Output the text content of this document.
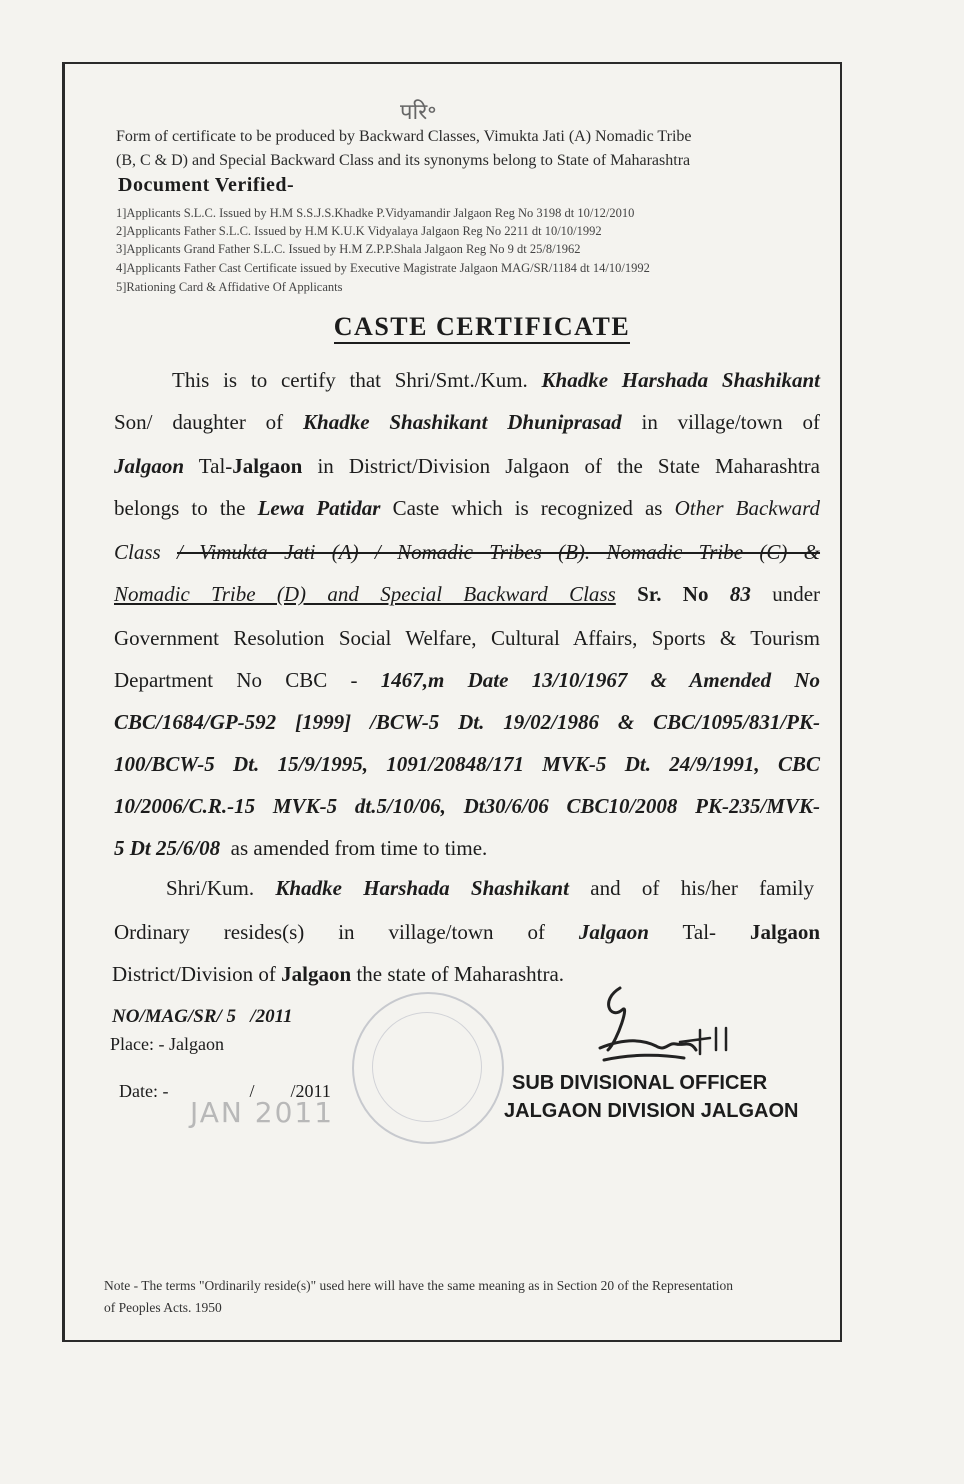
परि॰
Form of certificate to be produced by Backward Classes, Vimukta Jati (A) Nomadic Tribe
(B, C & D) and Special Backward Class and its synonyms belong to State of Maharashtra
Document Verified-
1]Applicants S.L.C. Issued by H.M S.S.J.S.Khadke P.Vidyamandir Jalgaon Reg No 3198 dt 10/12/2010
2]Applicants Father S.L.C. Issued by H.M K.U.K Vidyalaya Jalgaon Reg No 2211 dt 10/10/1992
3]Applicants Grand Father S.L.C. Issued by H.M Z.P.P.Shala Jalgaon Reg No 9 dt 25/8/1962
4]Applicants Father Cast Certificate issued by Executive Magistrate Jalgaon MAG/SR/1184 dt 14/10/1992
5]Rationing Card & Affidative Of Applicants
CASTE CERTIFICATE
This is to certify that Shri/Smt./Kum. Khadke Harshada Shashikant
Son/ daughter of Khadke Shashikant Dhuniprasad in village/town of
Jalgaon Tal-Jalgaon in District/Division Jalgaon of the State Maharashtra
belongs to the Lewa Patidar Caste which is recognized as Other Backward
Class / Vimukta Jati (A) / Nomadic Tribes (B). Nomadic Tribe (C) &
Nomadic Tribe (D) and Special Backward Class Sr. No 83 under
Government Resolution Social Welfare, Cultural Affairs, Sports & Tourism
Department No CBC - 1467,m Date 13/10/1967 & Amended No
CBC/1684/GP-592 [1999] /BCW-5 Dt. 19/02/1986 & CBC/1095/831/PK-
100/BCW-5 Dt. 15/9/1995, 1091/20848/171 MVK-5 Dt. 24/9/1991, CBC
10/2006/C.R.-15 MVK-5 dt.5/10/06, Dt30/6/06 CBC10/2008 PK-235/MVK-
5 Dt 25/6/08 as amended from time to time.
Shri/Kum. Khadke Harshada Shashikant and of his/her family
Ordinary resides(s) in village/town of Jalgaon Tal- Jalgaon
District/Division of Jalgaon the state of Maharashtra.
JAN 2011
NO/MAG/SR/ 5   /2011
Place: - Jalgaon

Date: -	/        /2011	SUB DIVISIONAL OFFICER
JALGAON DIVISION JALGAON
Note - The terms "Ordinarily reside(s)" used here will have the same meaning as in Section 20 of the Representation
of Peoples Acts. 1950
